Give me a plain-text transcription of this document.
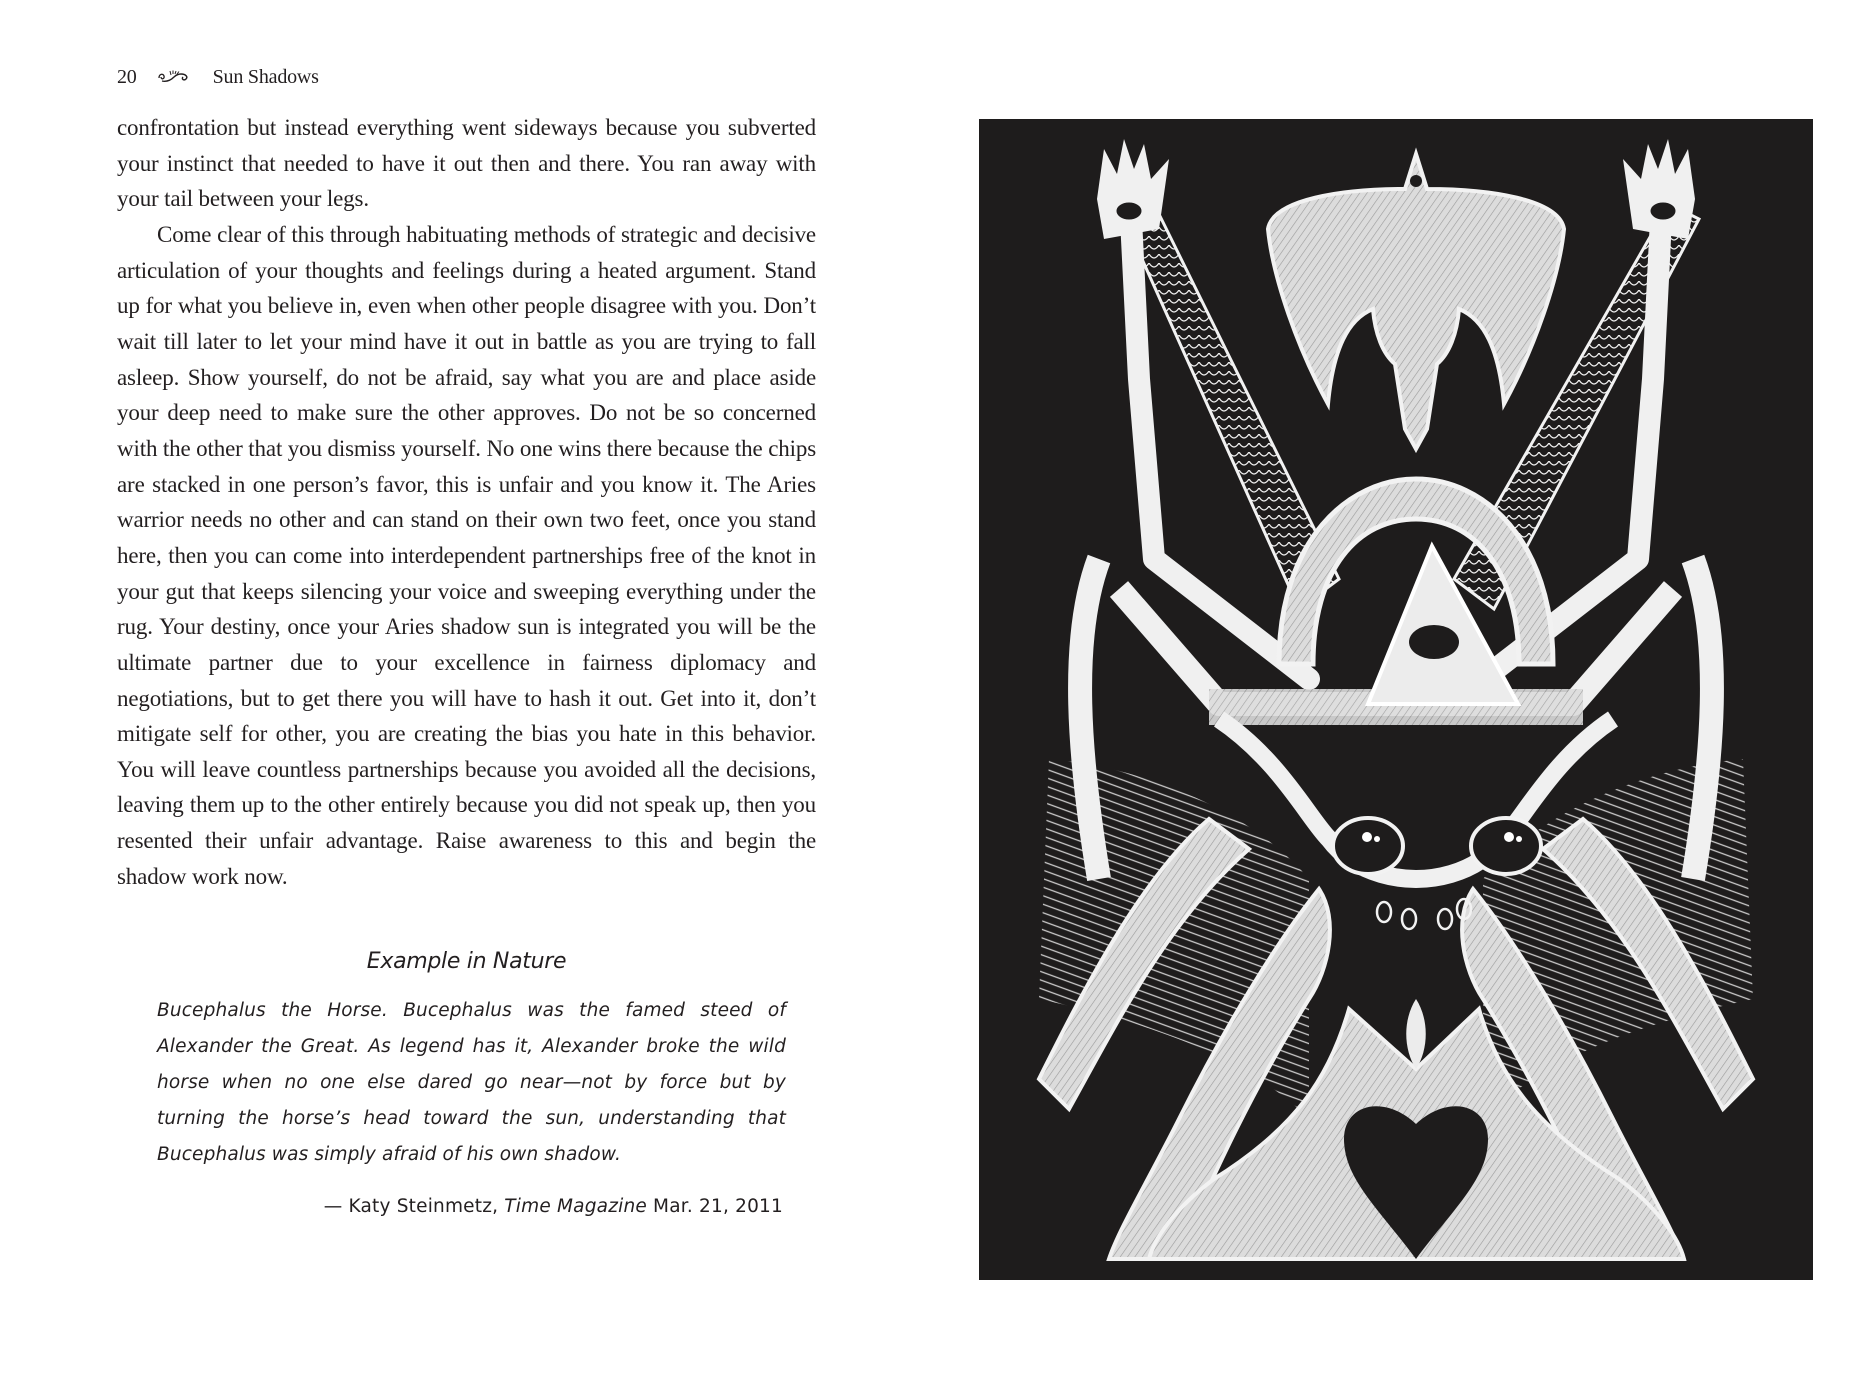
20	Sun Shadows

confrontation but instead everything went sideways because you subverted your instinct that needed to have it out then and there. You ran away with your tail between your legs.

Come clear of this through habituating methods of strategic and decisive articulation of your thoughts and feelings during a heated argument. Stand up for what you believe in, even when other people disagree with you. Don’t wait till later to let your mind have it out in battle as you are trying to fall asleep. Show yourself, do not be afraid, say what you are and place aside your deep need to make sure the other approves. Do not be so concerned with the other that you dismiss yourself. No one wins there because the chips are stacked in one person’s favor, this is unfair and you know it. The Aries warrior needs no other and can stand on their own two feet, once you stand here, then you can come into interdependent partnerships free of the knot in your gut that keeps silencing your voice and sweeping everything under the rug. Your destiny, once your Aries shadow sun is integrated you will be the ultimate partner due to your excellence in fairness diplomacy and negotiations, but to get there you will have to hash it out. Get into it, don’t mitigate self for other, you are creating the bias you hate in this behavior. You will leave countless partnerships because you avoided all the decisions, leaving them up to the other entirely because you did not speak up, then you resented their unfair advantage. Raise awareness to this and begin the shadow work now.

Example in Nature

Bucephalus the Horse. Bucephalus was the famed steed of Alexander the Great. As legend has it, Alexander broke the wild horse when no one else dared go near—not by force but by turning the horse’s head toward the sun, understanding that Bucephalus was simply afraid of his own shadow.

— Katy Steinmetz, Time Magazine Mar. 21, 2011
